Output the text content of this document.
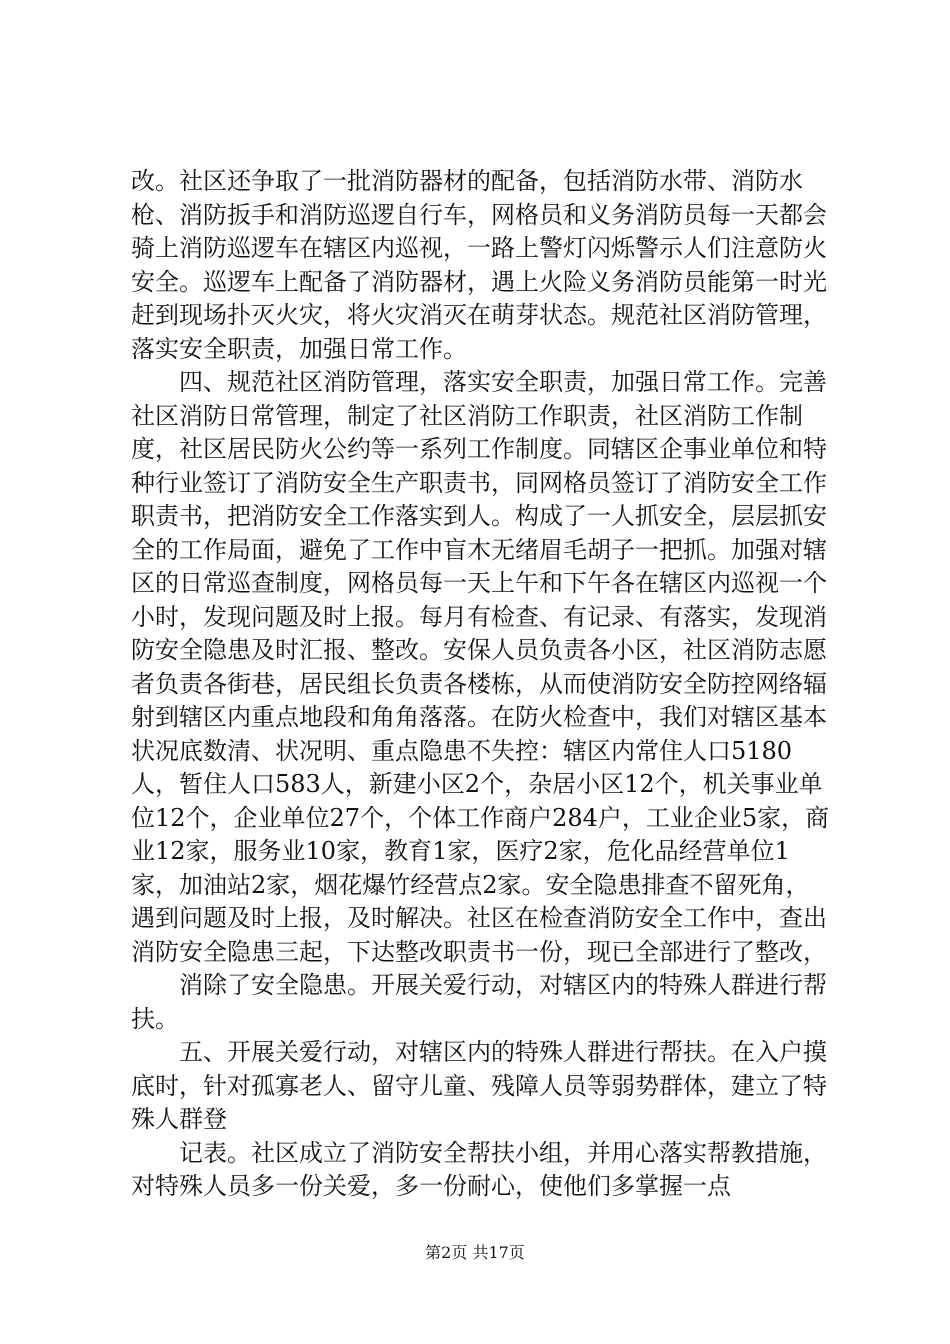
改。社区还争取了一批消防器材的配备，包括消防水带、消防水枪、消防扳手和消防巡逻自行车，网格员和义务消防员每一天都会骑上消防巡逻车在辖区内巡视，一路上警灯闪烁警示人们注意防火安全。巡逻车上配备了消防器材，遇上火险义务消防员能第一时光赶到现场扑灭火灾，将火灾消灭在萌芽状态。规范社区消防管理，落实安全职责，加强日常工作。

四、规范社区消防管理，落实安全职责，加强日常工作。完善社区消防日常管理，制定了社区消防工作职责，社区消防工作制度，社区居民防火公约等一系列工作制度。同辖区企事业单位和特种行业签订了消防安全生产职责书，同网格员签订了消防安全工作职责书，把消防安全工作落实到人。构成了一人抓安全，层层抓安全的工作局面，避免了工作中盲木无绪眉毛胡子一把抓。加强对辖区的日常巡查制度，网格员每一天上午和下午各在辖区内巡视一个小时，发现问题及时上报。每月有检查、有记录、有落实，发现消防安全隐患及时汇报、整改。安保人员负责各小区，社区消防志愿者负责各街巷，居民组长负责各楼栋，从而使消防安全防控网络辐射到辖区内重点地段和角角落落。在防火检查中，我们对辖区基本状况底数清、状况明、重点隐患不失控：辖区内常住人口5180人，暂住人口583人，新建小区2个，杂居小区12个，机关事业单位12个，企业单位27个，个体工作商户284户，工业企业5家，商业12家，服务业10家，教育1家，医疗2家，危化品经营单位1家，加油站2家，烟花爆竹经营点2家。安全隐患排查不留死角，遇到问题及时上报，及时解决。社区在检查消防安全工作中，查出消防安全隐患三起，下达整改职责书一份，现已全部进行了整改，

消除了安全隐患。开展关爱行动，对辖区内的特殊人群进行帮扶。

五、开展关爱行动，对辖区内的特殊人群进行帮扶。在入户摸底时，针对孤寡老人、留守儿童、残障人员等弱势群体，建立了特殊人群登

记表。社区成立了消防安全帮扶小组，并用心落实帮教措施，对特殊人员多一份关爱，多一份耐心，使他们多掌握一点

第2页 共17页
